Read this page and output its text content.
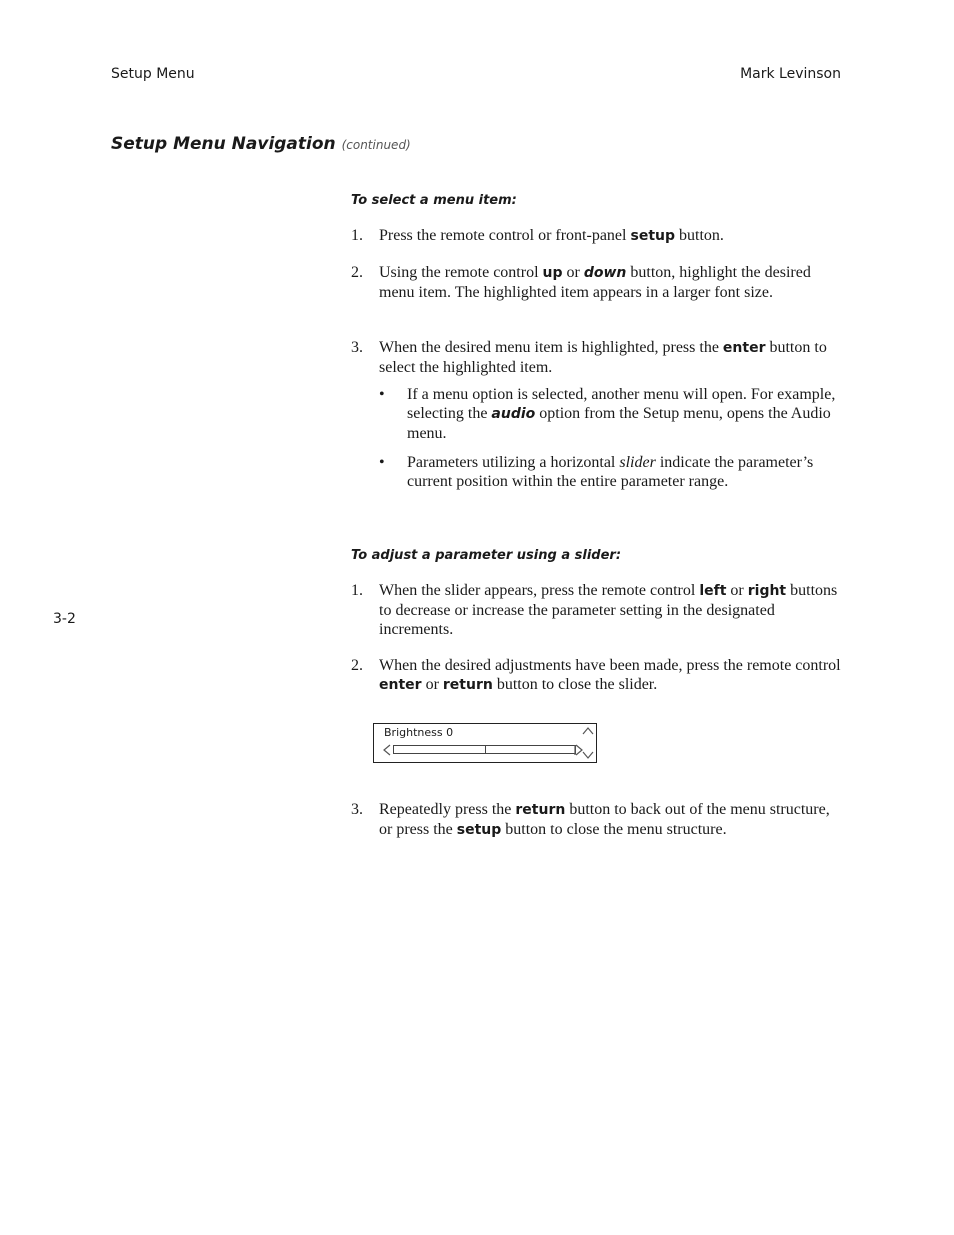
Setup Menu	Mark Levinson
Setup Menu Navigation (continued)
3-2
To select a menu item:
1. Press the remote control or front-panel setup button.
2. Using the remote control up or down button, highlight the desired menu item. The highlighted item appears in a larger font size.
3. When the desired menu item is highlighted, press the enter button to select the highlighted item.
• If a menu option is selected, another menu will open. For example, selecting the audio option from the Setup menu, opens the Audio menu.
• Parameters utilizing a horizontal slider indicate the parameter’s current position within the entire parameter range.
To adjust a parameter using a slider:
1. When the slider appears, press the remote control left or right buttons to decrease or increase the parameter setting in the designated increments.
2. When the desired adjustments have been made, press the remote control enter or return button to close the slider.
Brightness 0
3. Repeatedly press the return button to back out of the menu structure, or press the setup button to close the menu structure.
